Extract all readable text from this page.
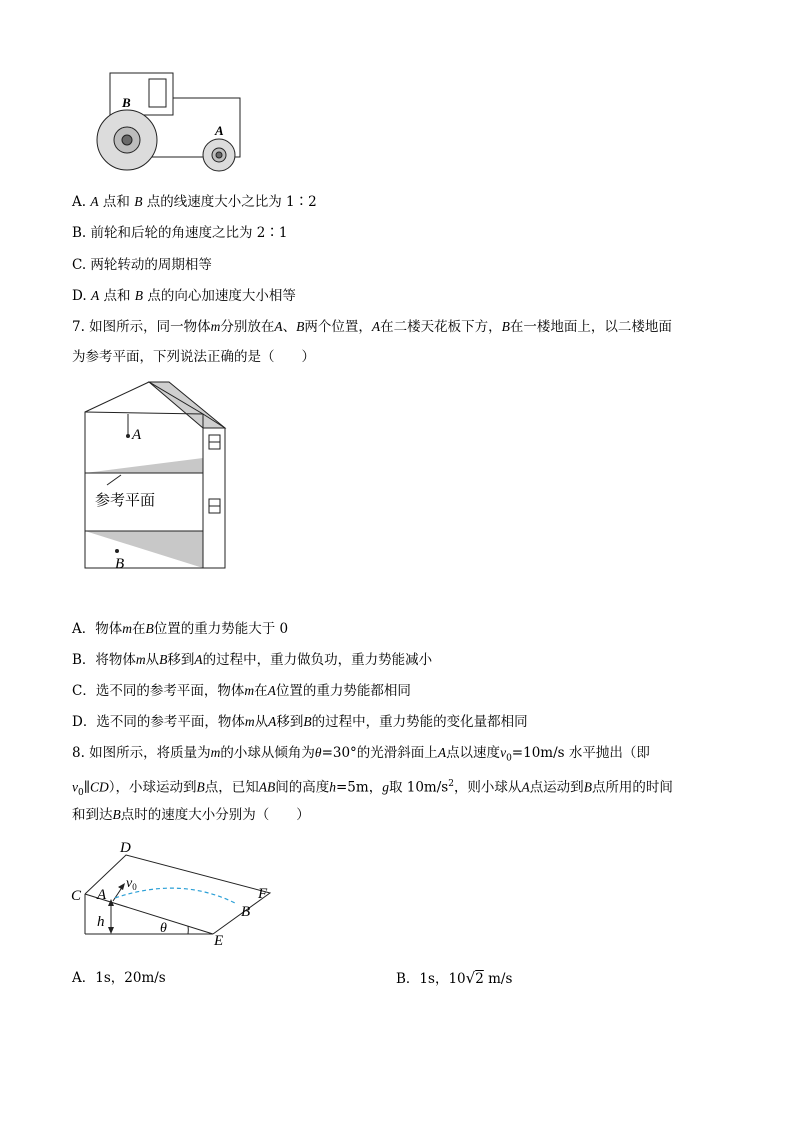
B
A
A. A 点和 B 点的线速度大小之比为 1∶2
B. 前轮和后轮的角速度之比为 2∶1
C. 两轮转动的周期相等
D. A 点和 B 点的向心加速度大小相等
7. 如图所示，同一物体m分别放在A、B两个位置，A在二楼天花板下方，B在一楼地面上，以二楼地面
为参考平面，下列说法正确的是（　　）
A
参考平面
B
A．物体m在B位置的重力势能大于 0
B．将物体m从B移到A的过程中，重力做负功，重力势能减小
C．选不同的参考平面，物体m在A位置的重力势能都相同
D．选不同的参考平面，物体m从A移到B的过程中，重力势能的变化量都相同
8. 如图所示，将质量为m的小球从倾角为θ=30°的光滑斜面上A点以速度$v_0=10m/s$ 水平抛出（即
$v_0\parallel CD$），小球运动到B点，已知AB间的高度h=5m，g取 $10m/s^2$，则小球从A点运动到B点所用的时间
和到达B点时的速度大小分别为（　　）
D
C A
$v_0$	F
B
h	θ
E
A．1s，20m/s	B．1s，10√2 m/s
